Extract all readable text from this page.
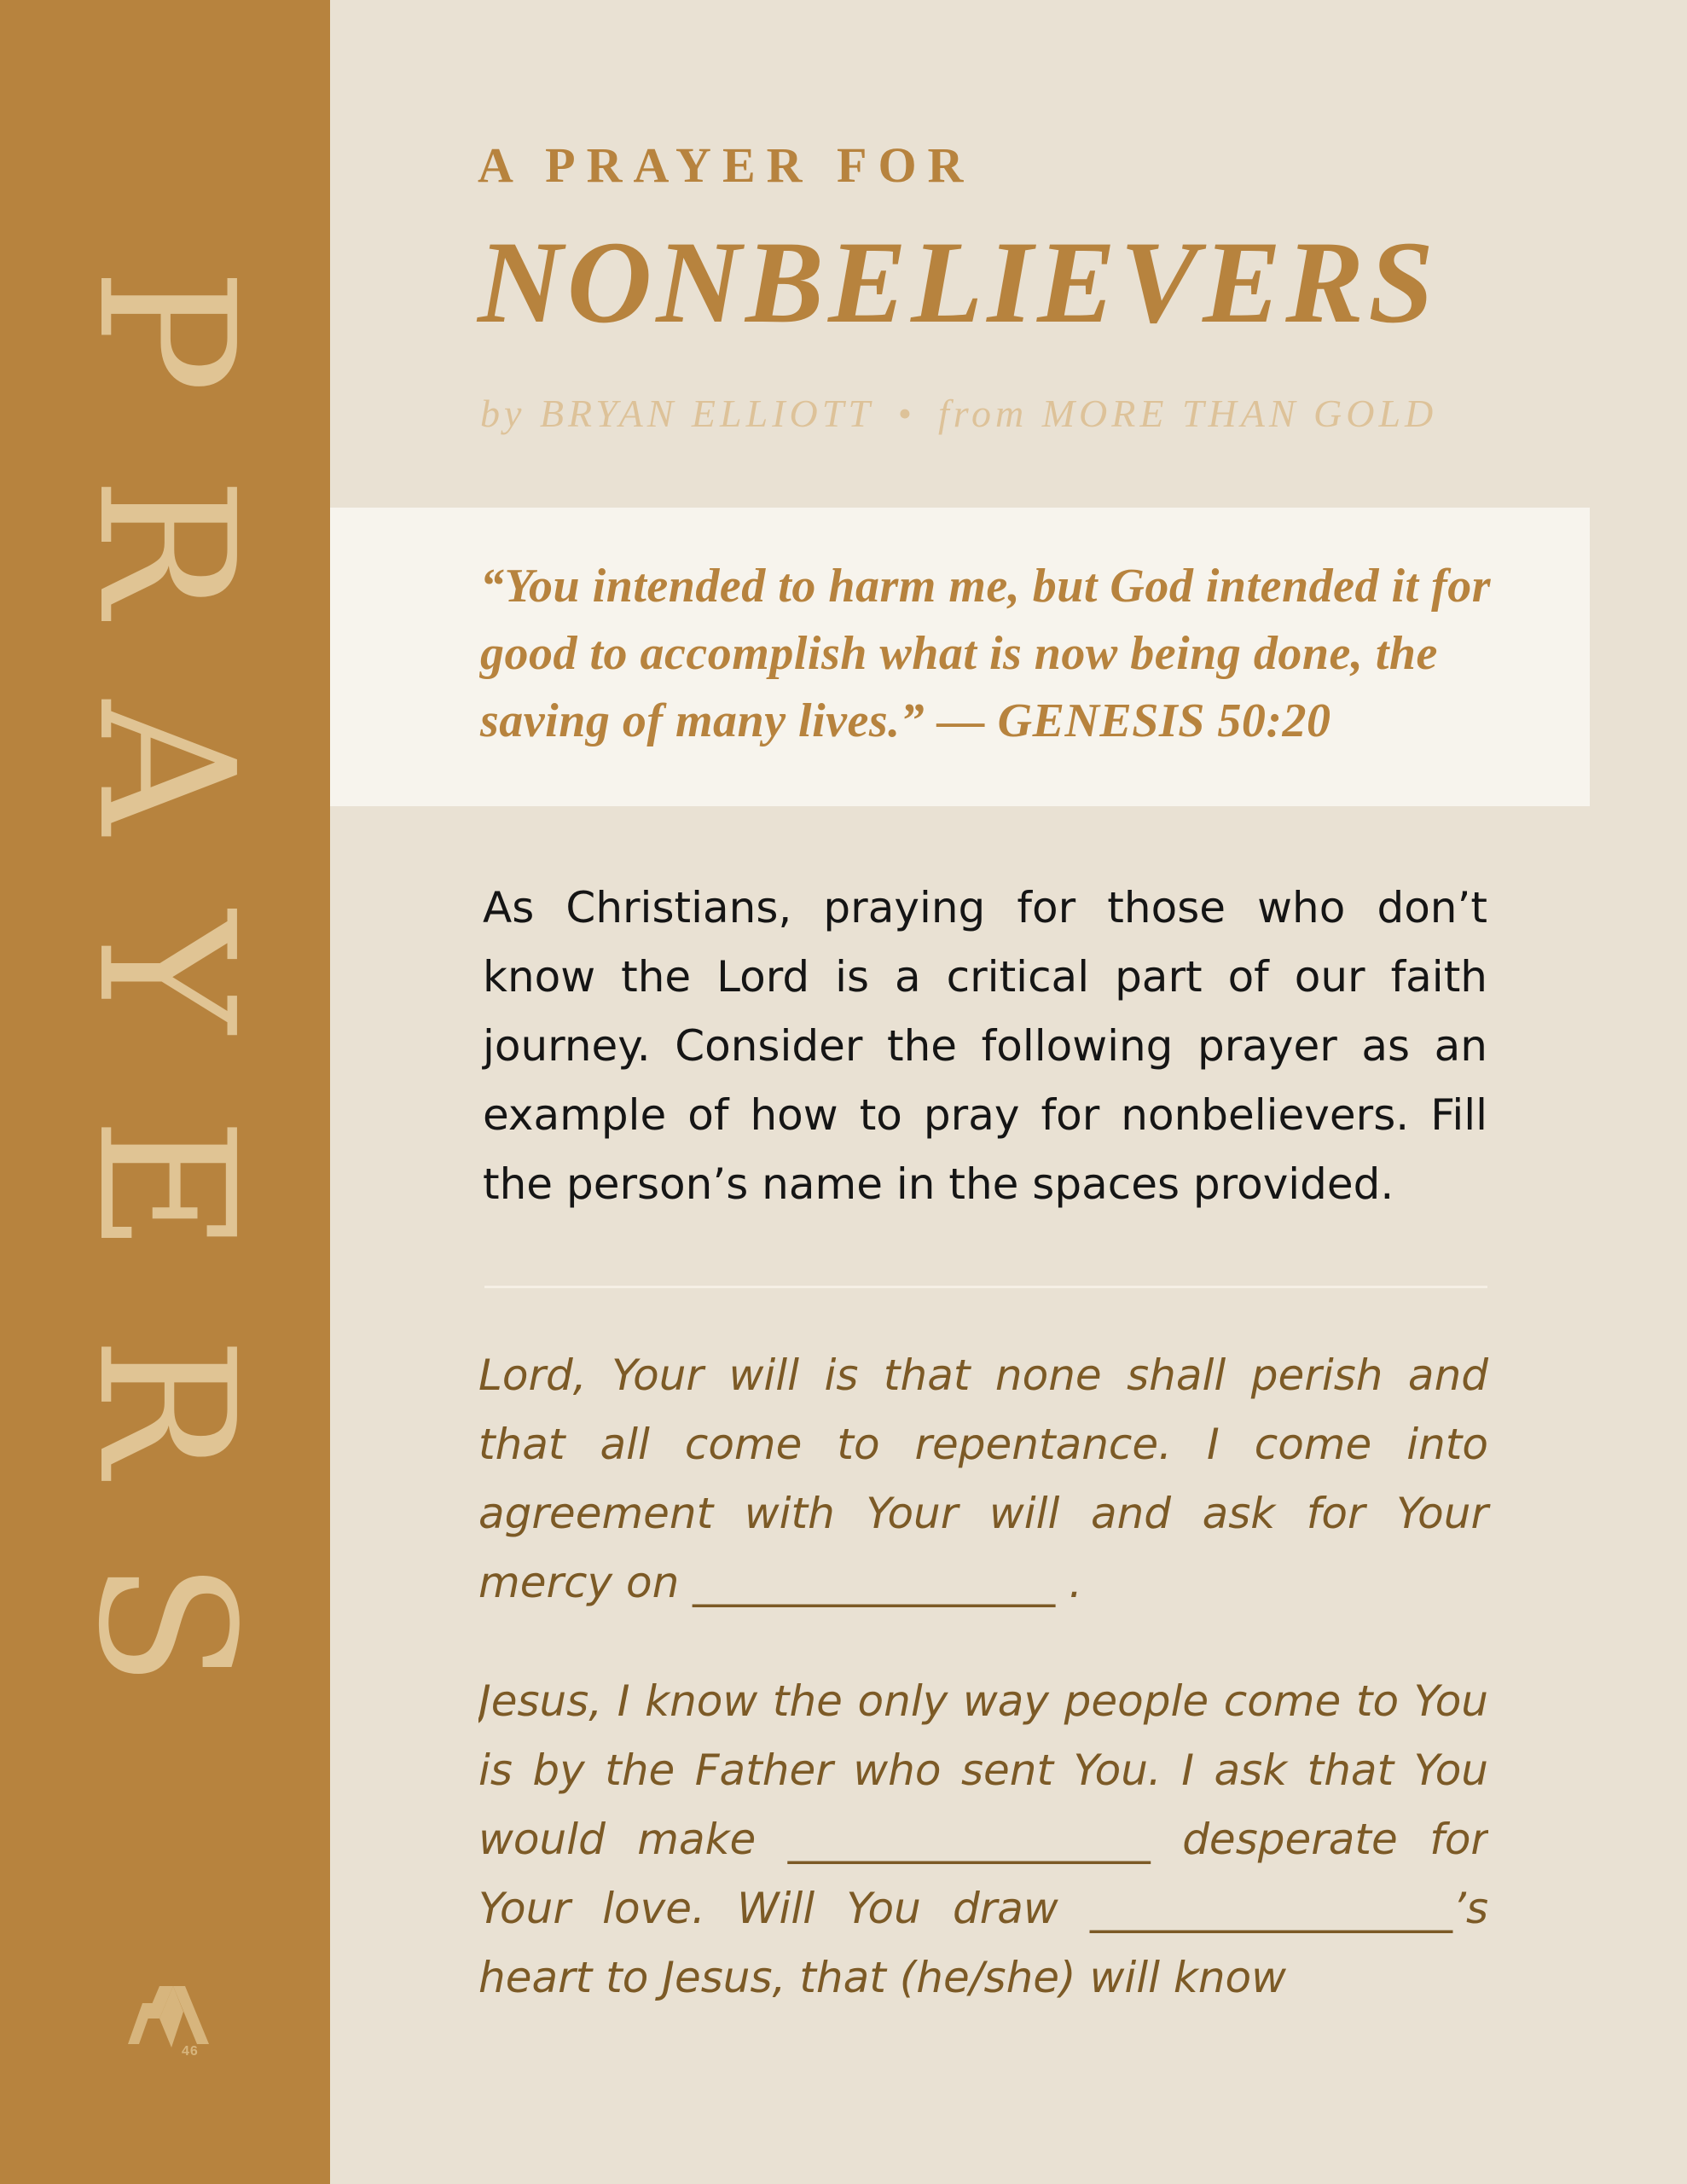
PRAYERS
46
A PRAYER FOR
NONBELIEVERS
by BRYAN ELLIOTT • from MORE THAN GOLD
“You intended to harm me, but God intended it for good to accomplish what is now being done, the saving of many lives.” — GENESIS 50:20
As Christians, praying for those who don’t know the Lord is a critical part of our faith journey. Consider the following prayer as an example of how to pray for nonbelievers. Fill the person’s name in the spaces provided.
Lord, Your will is that none shall perish and that all come to repentance. I come into agreement with Your will and ask for Your mercy on _________________ .
Jesus, I know the only way people come to You is by the Father who sent You. I ask that You would make _________________ desperate for Your love. Will You draw _________________’s heart to Jesus, that (he/she) will know
